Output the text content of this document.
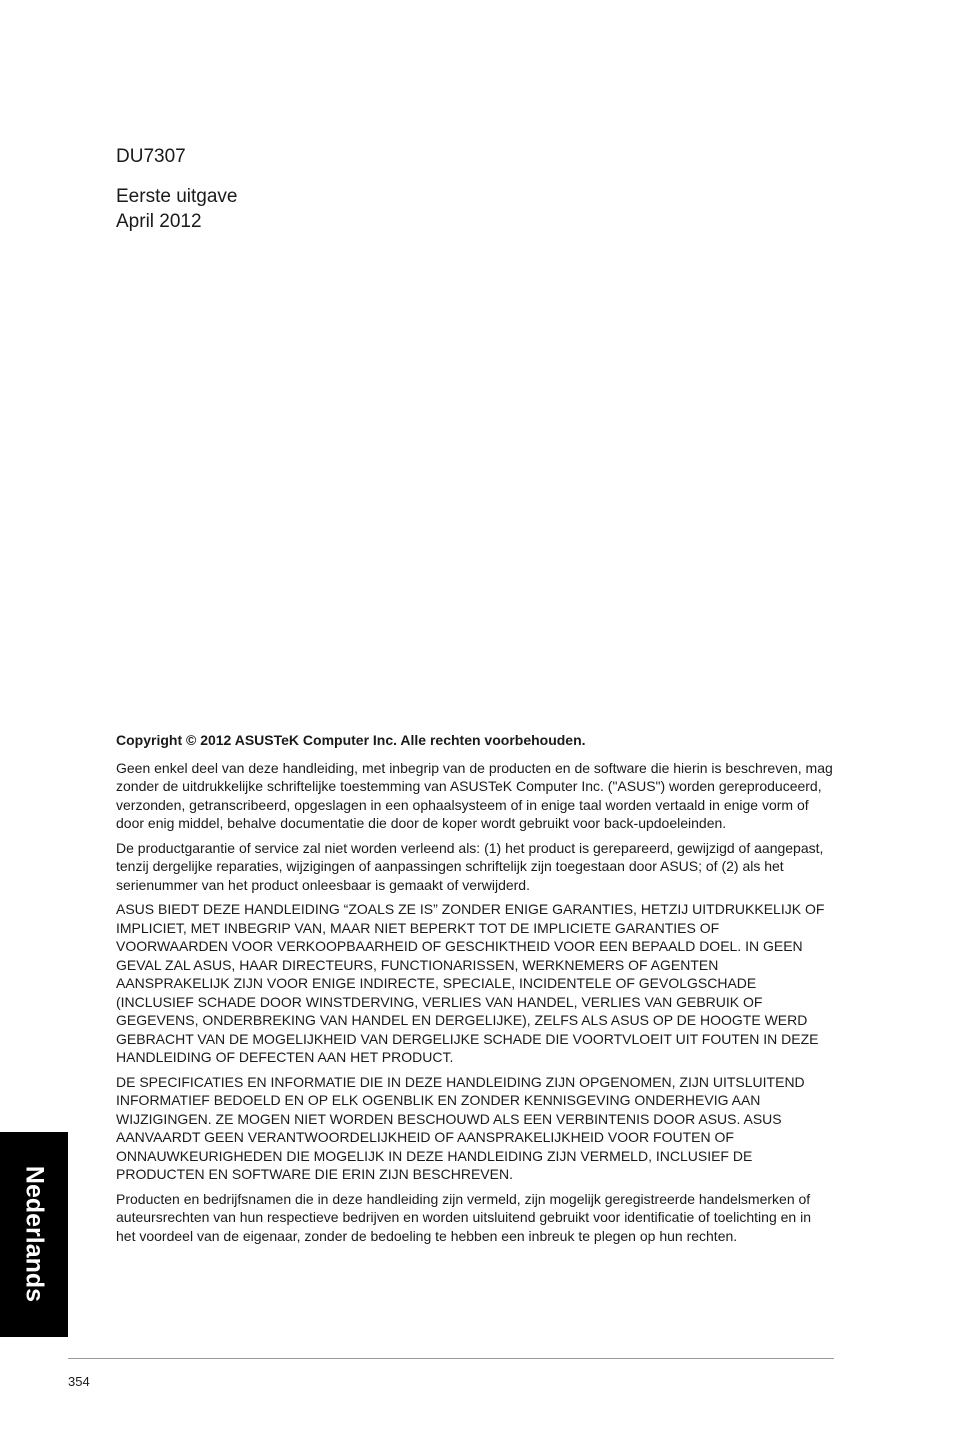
DU7307
Eerste uitgave
April 2012

Copyright © 2012 ASUSTeK Computer Inc. Alle rechten voorbehouden.

Geen enkel deel van deze handleiding, met inbegrip van de producten en de software die hierin is beschreven, mag zonder de uitdrukkelijke schriftelijke toestemming van ASUSTeK Computer Inc. ("ASUS") worden gereproduceerd, verzonden, getranscribeerd, opgeslagen in een ophaalsysteem of in enige taal worden vertaald in enige vorm of door enig middel, behalve documentatie die door de koper wordt gebruikt voor back-updoeleinden.

De productgarantie of service zal niet worden verleend als: (1) het product is gerepareerd, gewijzigd of aangepast, tenzij dergelijke reparaties, wijzigingen of aanpassingen schriftelijk zijn toegestaan door ASUS; of (2) als het serienummer van het product onleesbaar is gemaakt of verwijderd.

ASUS BIEDT DEZE HANDLEIDING “ZOALS ZE IS” ZONDER ENIGE GARANTIES, HETZIJ UITDRUKKELIJK OF IMPLICIET, MET INBEGRIP VAN, MAAR NIET BEPERKT TOT DE IMPLICIETE GARANTIES OF VOORWAARDEN VOOR VERKOOPBAARHEID OF GESCHIKTHEID VOOR EEN BEPAALD DOEL. IN GEEN GEVAL ZAL ASUS, HAAR DIRECTEURS, FUNCTIONARISSEN, WERKNEMERS OF AGENTEN AANSPRAKELIJK ZIJN VOOR ENIGE INDIRECTE, SPECIALE, INCIDENTELE OF GEVOLGSCHADE (INCLUSIEF SCHADE DOOR WINSTDERVING, VERLIES VAN HANDEL, VERLIES VAN GEBRUIK OF GEGEVENS, ONDERBREKING VAN HANDEL EN DERGELIJKE), ZELFS ALS ASUS OP DE HOOGTE WERD GEBRACHT VAN DE MOGELIJKHEID VAN DERGELIJKE SCHADE DIE VOORTVLOEIT UIT FOUTEN IN DEZE HANDLEIDING OF DEFECTEN AAN HET PRODUCT.

DE SPECIFICATIES EN INFORMATIE DIE IN DEZE HANDLEIDING ZIJN OPGENOMEN, ZIJN UITSLUITEND INFORMATIEF BEDOELD EN OP ELK OGENBLIK EN ZONDER KENNISGEVING ONDERHEVIG AAN WIJZIGINGEN. ZE MOGEN NIET WORDEN BESCHOUWD ALS EEN VERBINTENIS DOOR ASUS. ASUS AANVAARDT GEEN VERANTWOORDELIJKHEID OF AANSPRAKELIJKHEID VOOR FOUTEN OF ONNAUWKEURIGHEDEN DIE MOGELIJK IN DEZE HANDLEIDING ZIJN VERMELD, INCLUSIEF DE PRODUCTEN EN SOFTWARE DIE ERIN ZIJN BESCHREVEN.

Producten en bedrijfsnamen die in deze handleiding zijn vermeld, zijn mogelijk geregistreerde handelsmerken of auteursrechten van hun respectieve bedrijven en worden uitsluitend gebruikt voor identificatie of toelichting en in het voordeel van de eigenaar, zonder de bedoeling te hebben een inbreuk te plegen op hun rechten.

Nederlands
354
